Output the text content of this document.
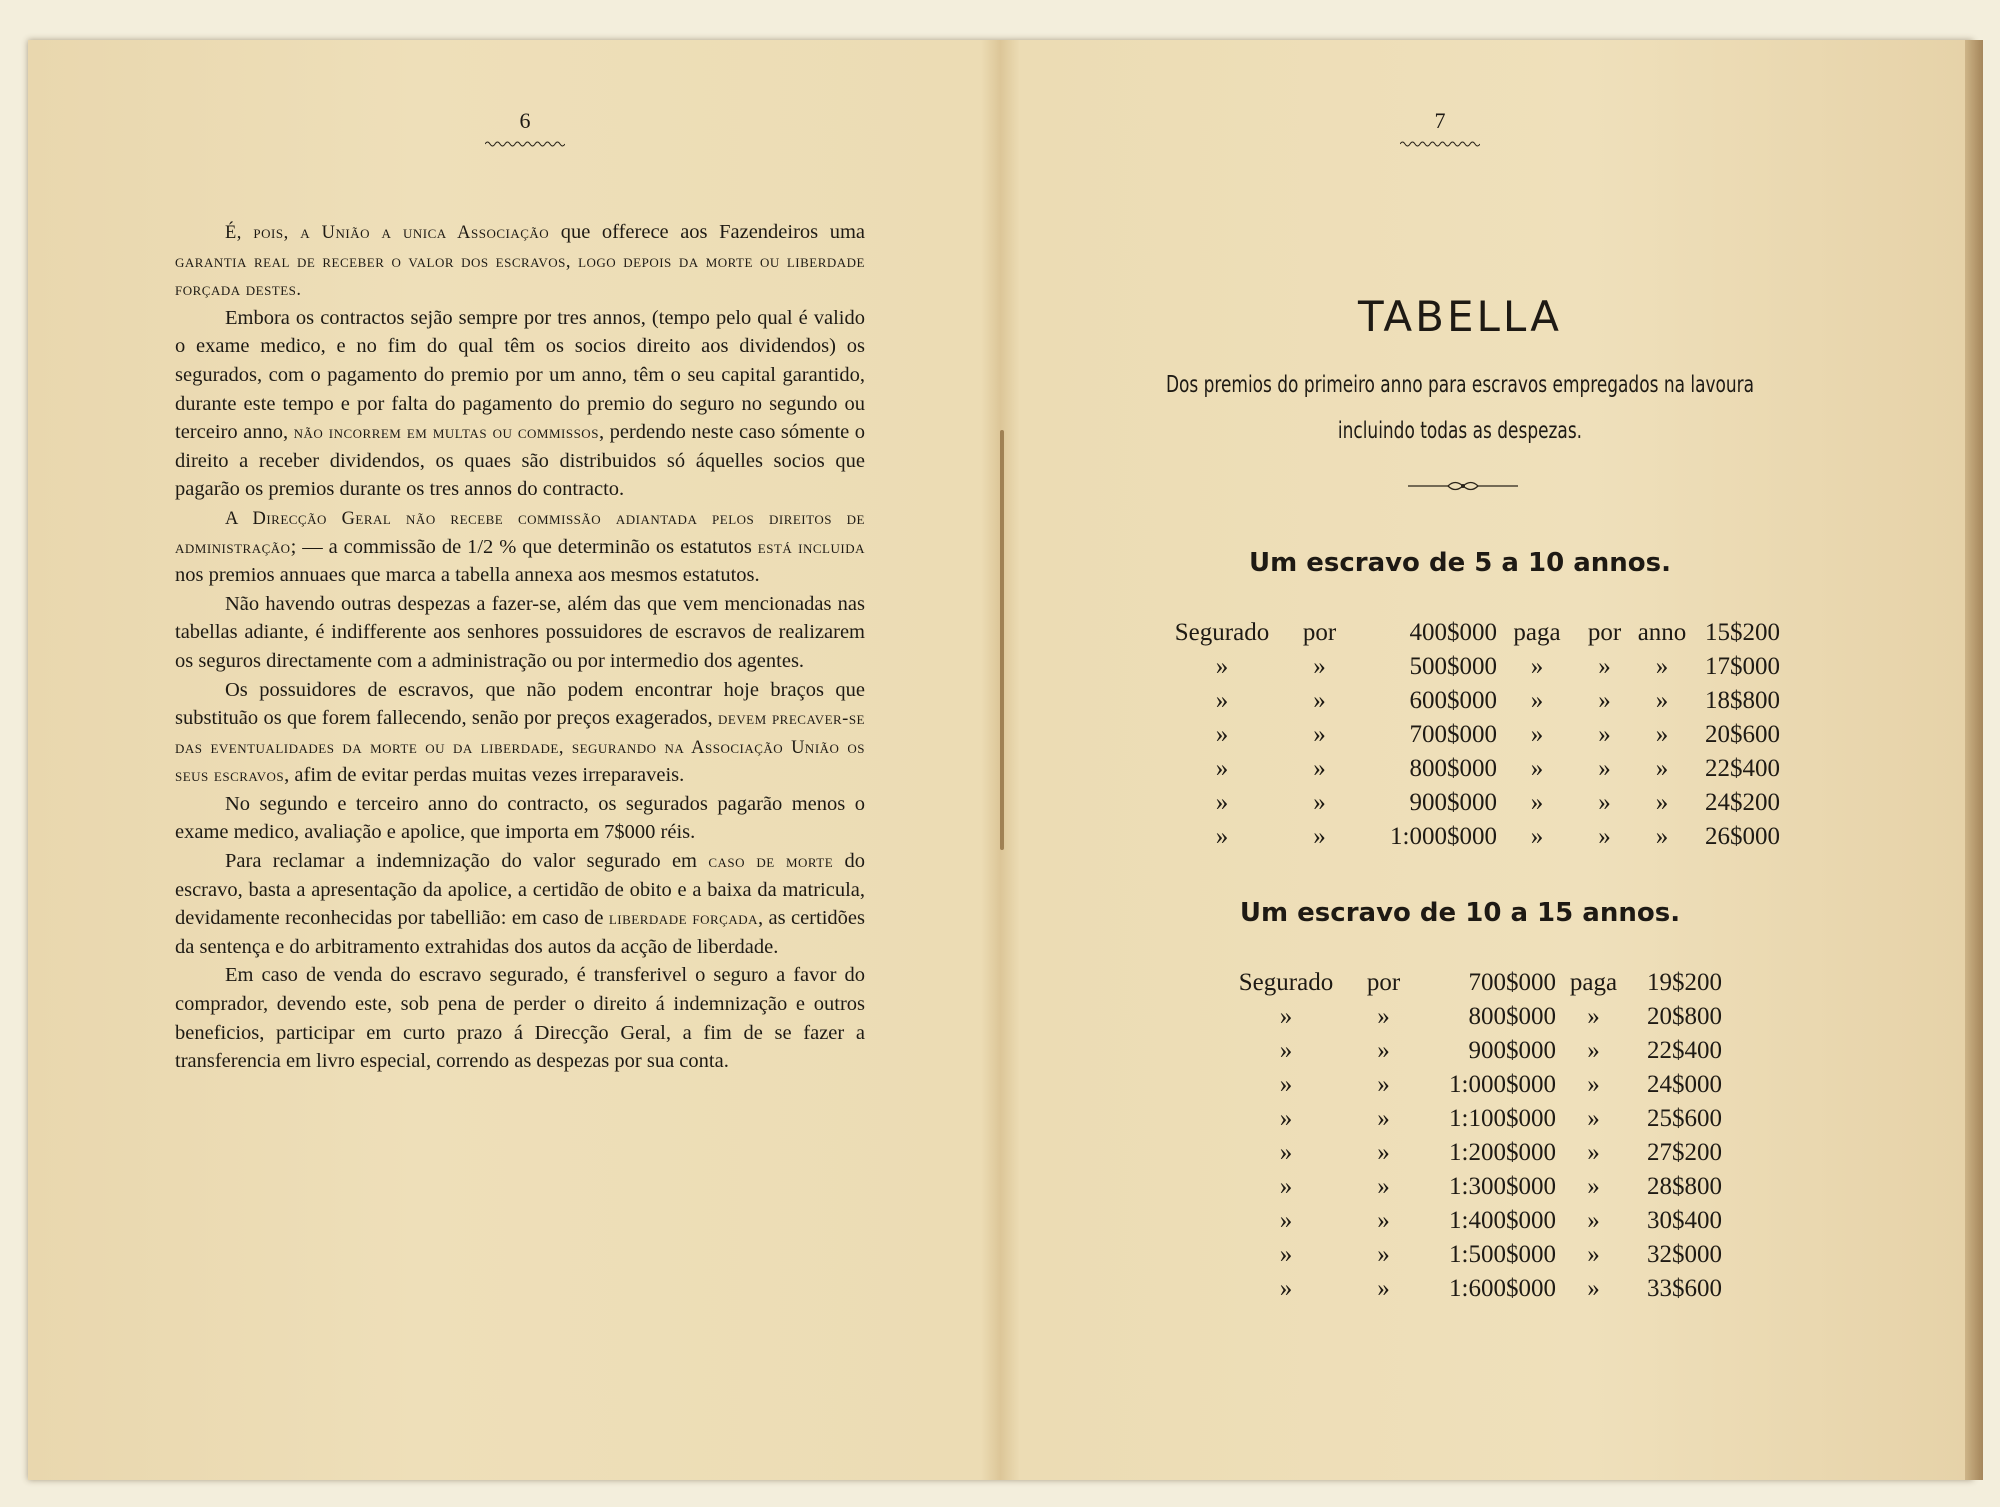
6

É, pois, a União a unica Associação que offerece aos Fazendeiros uma garantia real de receber o valor dos escravos, logo depois da morte ou liberdade forçada destes.

Embora os contractos sejão sempre por tres annos, (tempo pelo qual é valido o exame medico, e no fim do qual têm os socios direito aos dividendos) os segurados, com o pagamento do premio por um anno, têm o seu capital garantido, durante este tempo e por falta do pagamento do premio do seguro no segundo ou terceiro anno, não incorrem em multas ou commissos, perdendo neste caso sómente o direito a receber dividendos, os quaes são distribuidos só áquelles socios que pagarão os premios durante os tres annos do contracto.

A Direcção Geral não recebe commissão adiantada pelos direitos de administração; — a commissão de 1/2 % que determinão os estatutos está incluida nos premios annuaes que marca a tabella annexa aos mesmos estatutos.

Não havendo outras despezas a fazer-se, além das que vem mencionadas nas tabellas adiante, é indifferente aos senhores possuidores de escravos de realizarem os seguros directamente com a administração ou por intermedio dos agentes.

Os possuidores de escravos, que não podem encontrar hoje braços que substituão os que forem fallecendo, senão por preços exagerados, devem precaver-se das eventualidades da morte ou da liberdade, segurando na Associação União os seus escravos, afim de evitar perdas muitas vezes irreparaveis.

No segundo e terceiro anno do contracto, os segurados pagarão menos o exame medico, avaliação e apolice, que importa em 7$000 réis.

Para reclamar a indemnização do valor segurado em caso de morte do escravo, basta a apresentação da apolice, a certidão de obito e a baixa da matricula, devidamente reconhecidas por tabellião: em caso de liberdade forçada, as certidões da sentença e do arbitramento extrahidas dos autos da acção de liberdade.

Em caso de venda do escravo segurado, é transferivel o seguro a favor do comprador, devendo este, sob pena de perder o direito á indemnização e outros beneficios, participar em curto prazo á Direcção Geral, a fim de se fazer a transferencia em livro especial, correndo as despezas por sua conta.

7
TABELLA
Dos premios do primeiro anno para escravos empregados na lavoura
incluindo todas as despezas.
Um escravo de 5 a 10 annos.
Segurado	por	400$000	paga	por	anno	15$200
»	»	500$000	»	»	»	17$000
»	»	600$000	»	»	»	18$800
»	»	700$000	»	»	»	20$600
»	»	800$000	»	»	»	22$400
»	»	900$000	»	»	»	24$200
»	»	1:000$000	»	»	»	26$000
Um escravo de 10 a 15 annos.
Segurado	por	700$000	paga	19$200
»	»	800$000	»	20$800
»	»	900$000	»	22$400
»	»	1:000$000	»	24$000
»	»	1:100$000	»	25$600
»	»	1:200$000	»	27$200
»	»	1:300$000	»	28$800
»	»	1:400$000	»	30$400
»	»	1:500$000	»	32$000
»	»	1:600$000	»	33$600
